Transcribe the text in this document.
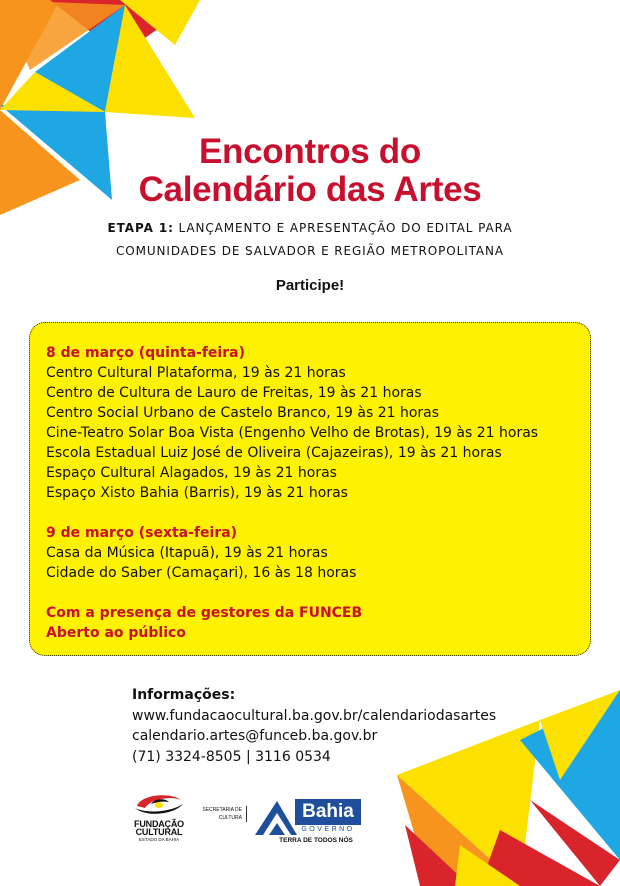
Encontros do
Calendário das Artes
ETAPA 1: LANÇAMENTO E APRESENTAÇÃO DO EDITAL PARA
COMUNIDADES DE SALVADOR E REGIÃO METROPOLITANA
Participe!
8 de março (quinta-feira)
Centro Cultural Plataforma, 19 às 21 horas
Centro de Cultura de Lauro de Freitas, 19 às 21 horas
Centro Social Urbano de Castelo Branco, 19 às 21 horas
Cine-Teatro Solar Boa Vista (Engenho Velho de Brotas), 19 às 21 horas
Escola Estadual Luiz José de Oliveira (Cajazeiras), 19 às 21 horas
Espaço Cultural Alagados, 19 às 21 horas
Espaço Xisto Bahia (Barris), 19 às 21 horas
9 de março (sexta-feira)
Casa da Música (Itapuã), 19 às 21 horas
Cidade do Saber (Camaçari), 16 às 18 horas
Com a presença de gestores da FUNCEB
Aberto ao público
Informações:
www.fundacaocultural.ba.gov.br/calendariodasartes
calendario.artes@funceb.ba.gov.br
(71) 3324-8505 | 3116 0534
FUNDAÇÃO
CULTURAL
ESTADO DA BAHIA
SECRETARIA DE
CULTURA	Bahia
GOVERNO
TERRA DE TODOS NÓS
